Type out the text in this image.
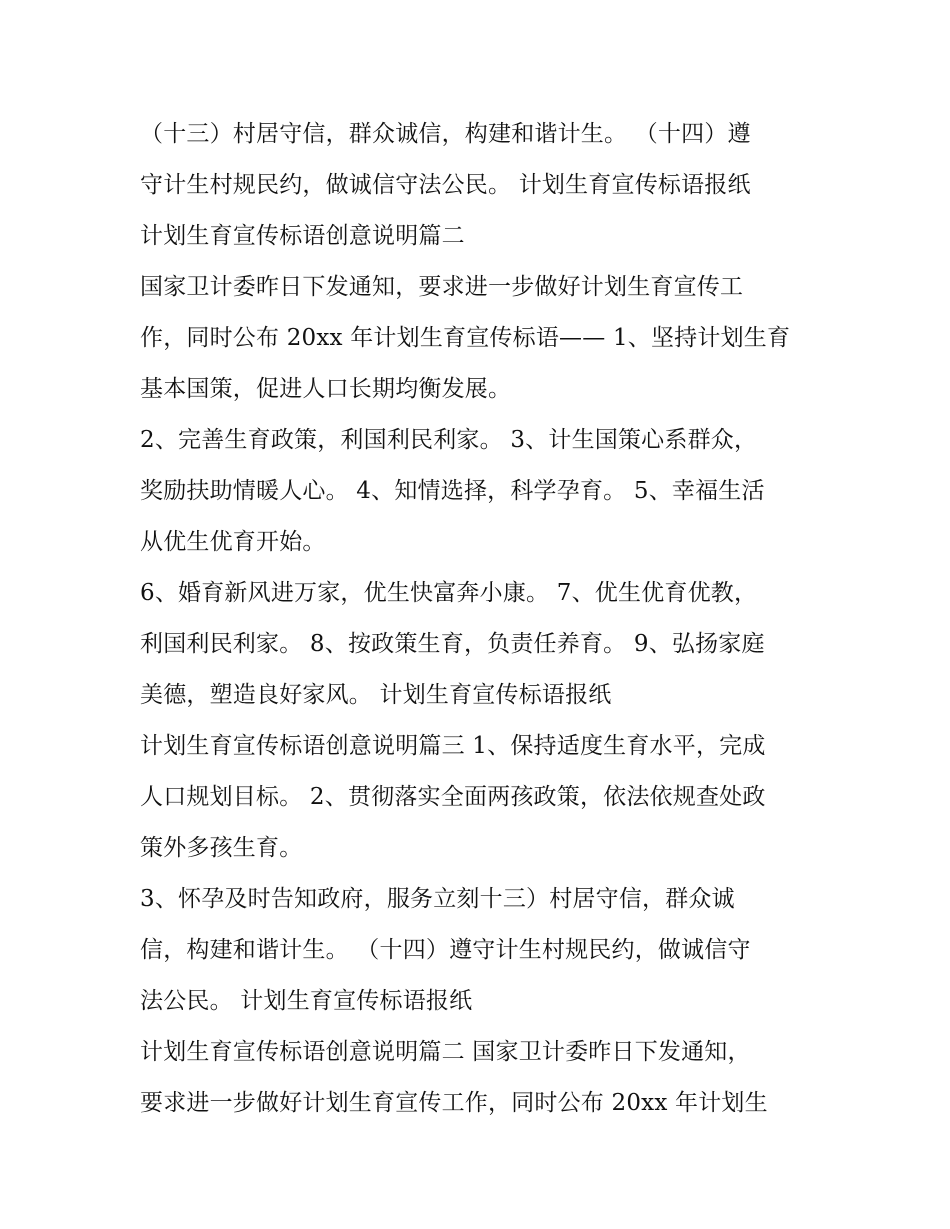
（十三）村居守信，群众诚信，构建和谐计生。 （十四）遵
守计生村规民约，做诚信守法公民。 计划生育宣传标语报纸
计划生育宣传标语创意说明篇二
国家卫计委昨日下发通知，要求进一步做好计划生育宣传工
作，同时公布 20xx 年计划生育宣传标语—— 1、坚持计划生育
基本国策，促进人口长期均衡发展。
2、完善生育政策，利国利民利家。 3、计生国策心系群众，
奖励扶助情暖人心。 4、知情选择，科学孕育。 5、幸福生活
从优生优育开始。
6、婚育新风进万家，优生快富奔小康。 7、优生优育优教，
利国利民利家。 8、按政策生育，负责任养育。 9、弘扬家庭
美德，塑造良好家风。 计划生育宣传标语报纸
计划生育宣传标语创意说明篇三 1、保持适度生育水平，完成
人口规划目标。 2、贯彻落实全面两孩政策，依法依规查处政
策外多孩生育。
3、怀孕及时告知政府，服务立刻十三）村居守信，群众诚
信，构建和谐计生。 （十四）遵守计生村规民约，做诚信守
法公民。 计划生育宣传标语报纸
计划生育宣传标语创意说明篇二 国家卫计委昨日下发通知，
要求进一步做好计划生育宣传工作，同时公布 20xx 年计划生
